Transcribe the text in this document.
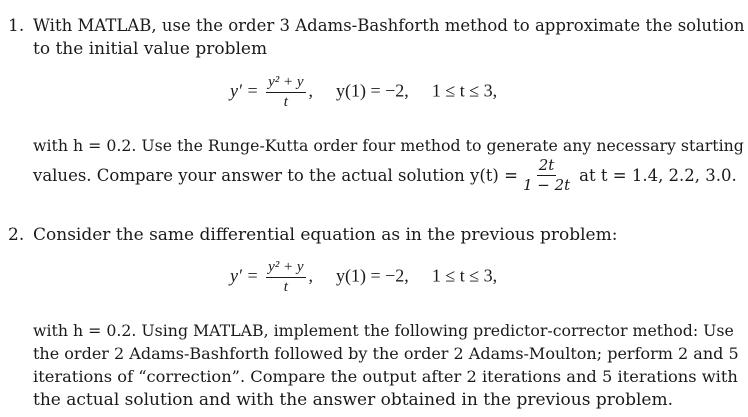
1. With MATLAB, use the order 3 Adams-Bashforth method to approximate the solution
to the initial value problem
$y' = \frac{\text{y² + y}}{t}$ , y(1) = −2, 1 ≤ t ≤ 3,
with h = 0.2. Use the Runge-Kutta order four method to generate any necessary starting
values. Compare your answer to the actual solution $y(t) = \frac{2t}{1 - 2t}$ at t = 1.4, 2.2, 3.0.
2. Consider the same differential equation as in the previous problem:
$y' = \frac{\text{y² + y}}{t}$ , y(1) = −2, 1 ≤ t ≤ 3,
with h = 0.2. Using MATLAB, implement the following predictor-corrector method: Use
the order 2 Adams-Bashforth followed by the order 2 Adams-Moulton; perform 2 and 5
iterations of “correction”. Compare the output after 2 iterations and 5 iterations with
the actual solution and with the answer obtained in the previous problem.
